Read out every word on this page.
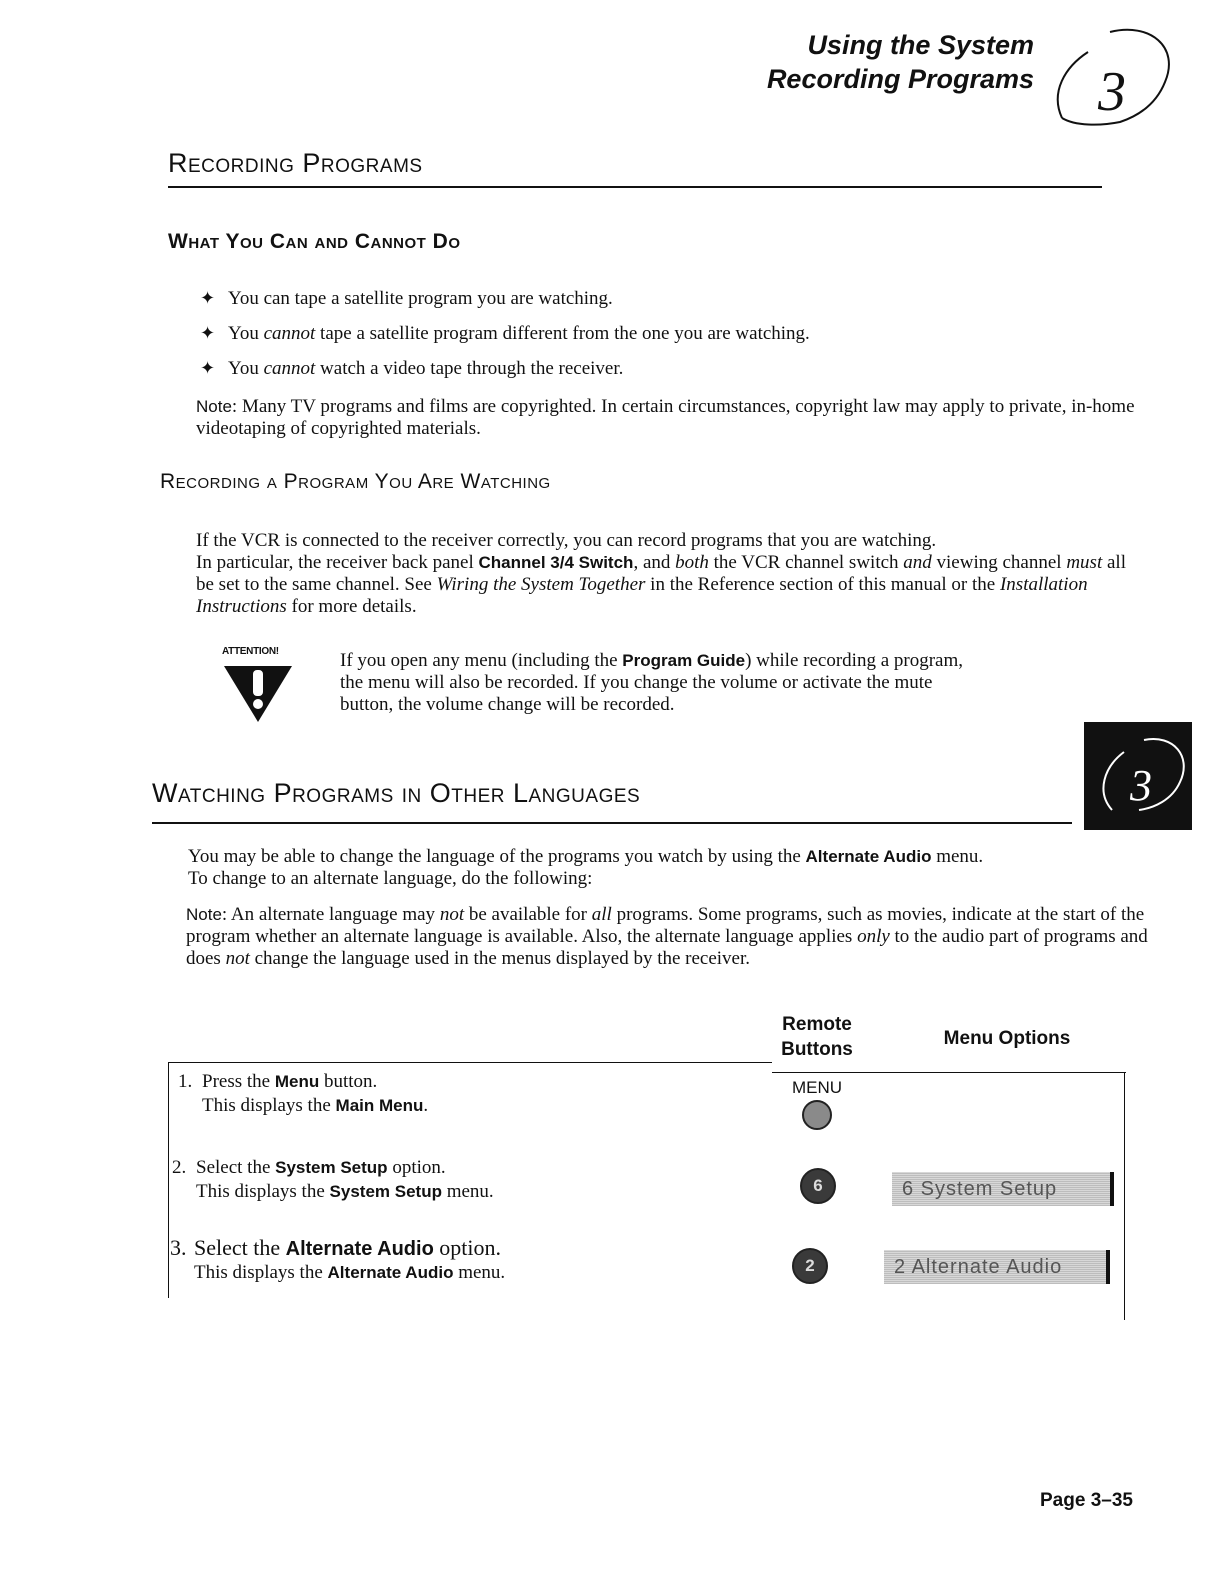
Using the System
Recording Programs 3
Recording Programs
What You Can and Cannot Do
✦ You can tape a satellite program you are watching.
✦ You cannot tape a satellite program different from the one you are watching.
✦ You cannot watch a video tape through the receiver.
Note: Many TV programs and films are copyrighted. In certain circumstances, copyright law may apply to private, in-home videotaping of copyrighted materials.
Recording a Program You Are Watching
If the VCR is connected to the receiver correctly, you can record programs that you are watching.
In particular, the receiver back panel Channel 3/4 Switch, and both the VCR channel switch and viewing channel must all be set to the same channel. See Wiring the System Together in the Reference section of this manual or the Installation Instructions for more details.
ATTENTION!	If you open any menu (including the Program Guide) while recording a program, the menu will also be recorded. If you change the volume or activate the mute button, the volume change will be recorded.
Watching Programs in Other Languages	3
You may be able to change the language of the programs you watch by using the Alternate Audio menu.
To change to an alternate language, do the following:
Note: An alternate language may not be available for all programs. Some programs, such as movies, indicate at the start of the program whether an alternate language is available. Also, the alternate language applies only to the audio part of programs and does not change the language used in the menus displayed by the receiver.
Remote
Buttons
Menu Options
1. Press the Menu button.
This displays the Main Menu.
MENU
2. Select the System Setup option.
This displays the System Setup menu.	6	6 System Setup
3. Select the Alternate Audio option.
This displays the Alternate Audio menu.	2	2 Alternate Audio
Page 3–35
